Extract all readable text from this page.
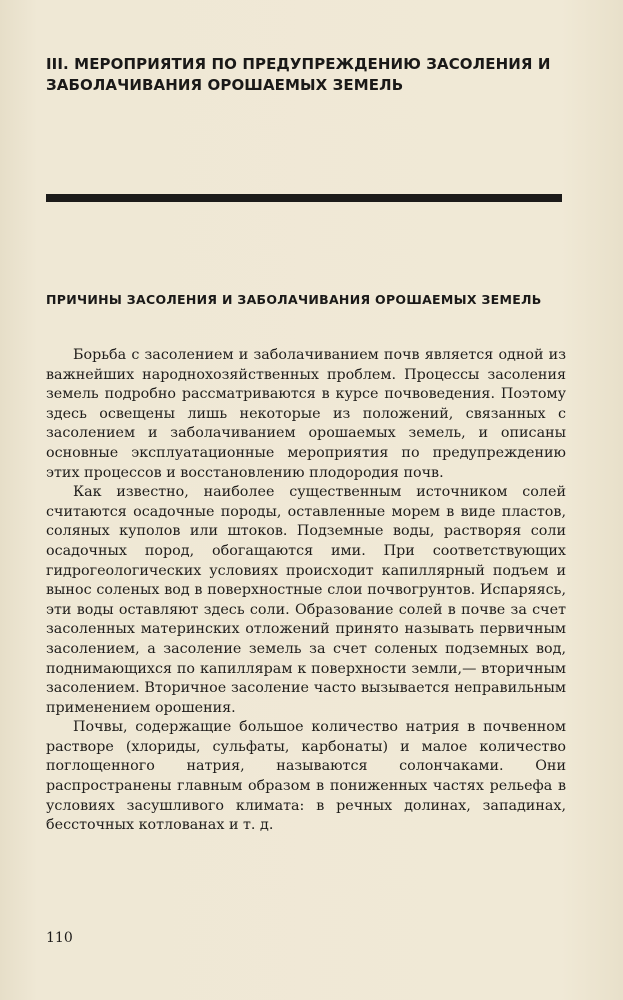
III. МЕРОПРИЯТИЯ ПО ПРЕДУПРЕЖДЕНИЮ ЗАСОЛЕНИЯ И ЗАБОЛАЧИВАНИЯ ОРОШАЕМЫХ ЗЕМЕЛЬ
ПРИЧИНЫ ЗАСОЛЕНИЯ И ЗАБОЛАЧИВАНИЯ ОРОШАЕМЫХ ЗЕМЕЛЬ

Борьба с засолением и заболачиванием почв является одной из важнейших народнохозяйственных проблем. Процессы засоления земель подробно рассматриваются в курсе почвоведения. Поэтому здесь освещены лишь некоторые из положений, связанных с засолением и заболачиванием орошаемых земель, и описаны основные эксплуатационные мероприятия по предупреждению этих процессов и восстановлению плодородия почв.

Как известно, наиболее существенным источником солей считаются осадочные породы, оставленные морем в виде пластов, соляных куполов или штоков. Подземные воды, растворяя соли осадочных пород, обогащаются ими. При соответствующих гидрогеологических условиях происходит капиллярный подъем и вынос соленых вод в поверхностные слои почвогрунтов. Испаряясь, эти воды оставляют здесь соли. Образование солей в почве за счет засоленных материнских отложений принято называть первичным засолением, а засоление земель за счет соленых подземных вод, поднимающихся по капиллярам к поверхности земли,— вторичным засолением. Вторичное засоление часто вызывается неправильным применением орошения.

Почвы, содержащие большое количество натрия в почвенном растворе (хлориды, сульфаты, карбонаты) и малое количество поглощенного натрия, называются солончаками. Они распространены главным образом в пониженных частях рельефа в условиях засушливого климата: в речных долинах, западинах, бессточных котлованах и т. д.

110
